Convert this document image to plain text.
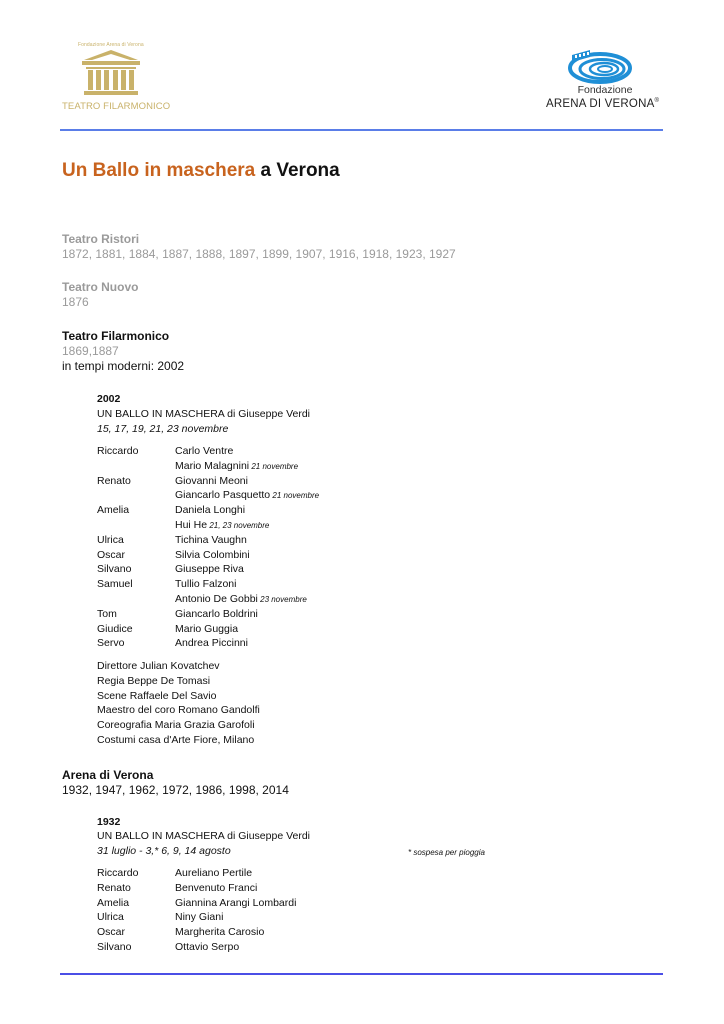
Fondazione Arena di Verona
TEATRO FILARMONICO
Fondazione
ARENA DI VERONA®
Un Ballo in maschera a Verona
Teatro Ristori
1872, 1881, 1884, 1887, 1888, 1897, 1899, 1907, 1916, 1918, 1923, 1927
Teatro Nuovo
1876
Teatro Filarmonico
1869,1887
in tempi moderni: 2002
2002
UN BALLO IN MASCHERA di Giuseppe Verdi
15, 17, 19, 21, 23 novembre
Riccardo	Carlo Ventre
Mario Malagnini 21 novembre
Renato	Giovanni Meoni
Giancarlo Pasquetto 21 novembre
Amelia	Daniela Longhi
Hui He 21, 23 novembre
Ulrica	Tichina Vaughn
Oscar	Silvia Colombini
Silvano	Giuseppe Riva
Samuel	Tullio Falzoni
Antonio De Gobbi 23 novembre
Tom	Giancarlo Boldrini
Giudice	Mario Guggia
Servo	Andrea Piccinni
Direttore Julian Kovatchev
Regia Beppe De Tomasi
Scene Raffaele Del Savio
Maestro del coro Romano Gandolfi
Coreografia Maria Grazia Garofoli
Costumi casa d'Arte Fiore, Milano
Arena di Verona
1932, 1947, 1962, 1972, 1986, 1998, 2014
1932
UN BALLO IN MASCHERA di Giuseppe Verdi
31 luglio - 3,* 6, 9, 14 agosto	* sospesa per pioggia
Riccardo	Aureliano Pertile
Renato	Benvenuto Franci
Amelia	Giannina Arangi Lombardi
Ulrica	Niny Giani
Oscar	Margherita Carosio
Silvano	Ottavio Serpo
